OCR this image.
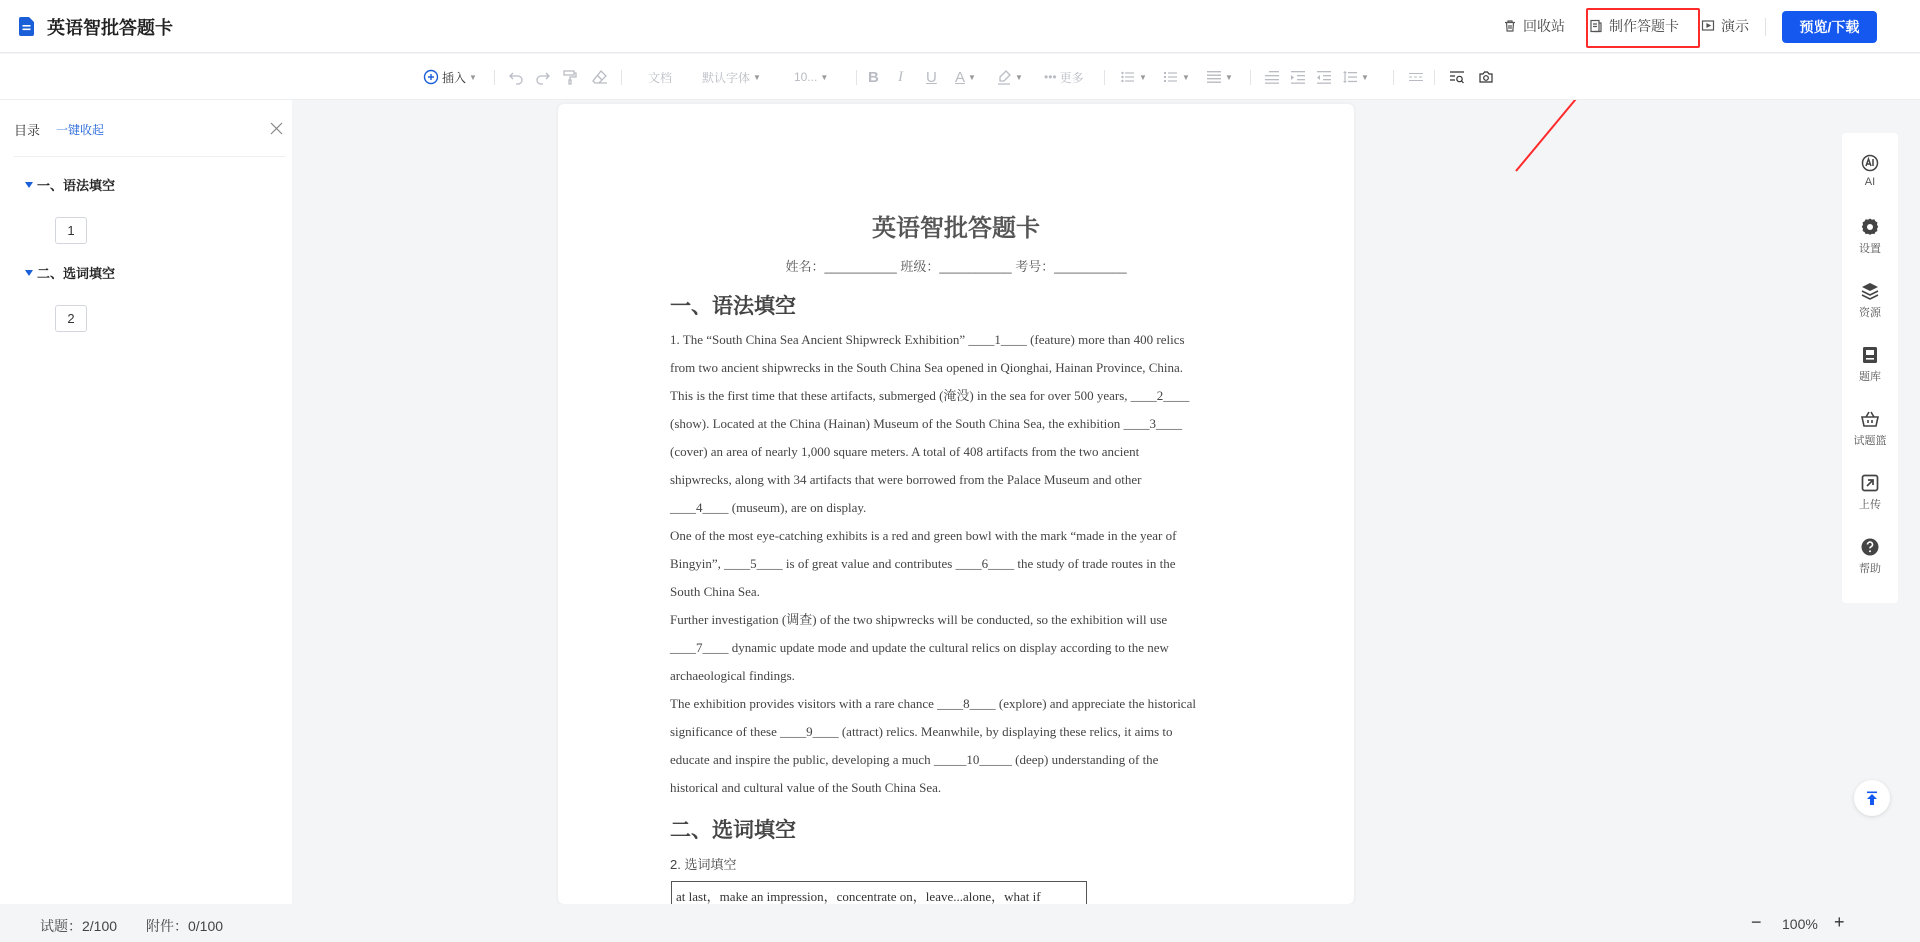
英语智批答题卡	回收站	制作答题卡	演示	预览/下载
插入 ▼	文档 默认字体 ▼	10... ▼	B I U A ▼	▼ ••• 更多	▼	▼	▼	▼
目录 一键收起
一、语法填空
1
二、选词填空
2
英语智批答题卡
姓名：__________ 班级：__________ 考号：__________
一、语法填空

1. The “South China Sea Ancient Shipwreck Exhibition” ____1____ (feature) more than 400 relics

from two ancient shipwrecks in the South China Sea opened in Qionghai, Hainan Province, China.

This is the first time that these artifacts, submerged (淹没) in the sea for over 500 years, ____2____

(show). Located at the China (Hainan) Museum of the South China Sea, the exhibition ____3____

(cover) an area of nearly 1,000 square meters. A total of 408 artifacts from the two ancient

shipwrecks, along with 34 artifacts that were borrowed from the Palace Museum and other

____4____ (museum), are on display.

One of the most eye-catching exhibits is a red and green bowl with the mark “made in the year of

Bingyin”, ____5____ is of great value and contributes ____6____ the study of trade routes in the

South China Sea.

Further investigation (调查) of the two shipwrecks will be conducted, so the exhibition will use

____7____ dynamic update mode and update the cultural relics on display according to the new

archaeological findings.

The exhibition provides visitors with a rare chance ____8____ (explore) and appreciate the historical

significance of these ____9____ (attract) relics. Meanwhile, by displaying these relics, it aims to

educate and inspire the public, developing a much _____10_____ (deep) understanding of the

historical and cultural value of the South China Sea.

二、选词填空
2. 选词填空
at last，make an impression，concentrate on，leave...alone，what if
AI
设置
资源
题库
试题篮
上传
帮助
试题：2/100 附件：0/100	− 100% +
